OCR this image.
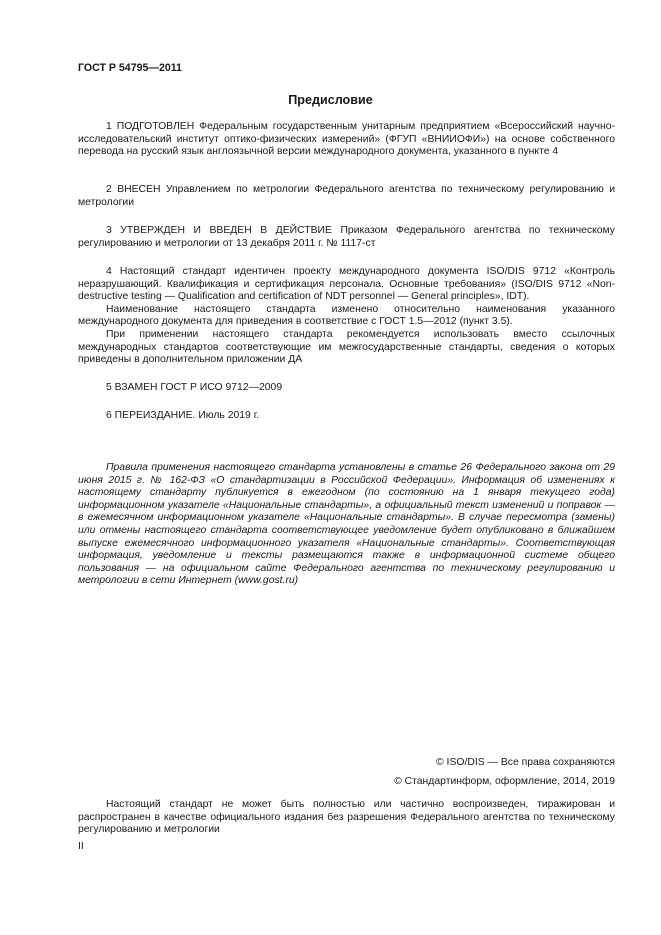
ГОСТ Р 54795—2011
Предисловие

1 ПОДГОТОВЛЕН Федеральным государственным унитарным предприятием «Всероссийский научно-исследовательский институт оптико-физических измерений» (ФГУП «ВНИИОФИ») на основе собственного перевода на русский язык англоязычной версии международного документа, указанного в пункте 4

2 ВНЕСЕН Управлением по метрологии Федерального агентства по техническому регулированию и метрологии

3 УТВЕРЖДЕН И ВВЕДЕН В ДЕЙСТВИЕ Приказом Федерального агентства по техническому регулированию и метрологии от 13 декабря 2011 г. № 1117-ст

4 Настоящий стандарт идентичен проекту международного документа ISO/DIS 9712 «Контроль неразрушающий. Квалификация и сертификация персонала. Основные требования» (ISO/DIS 9712 «Non-destructive testing — Qualification and certification of NDT personnel — General principles», IDT).

Наименование настоящего стандарта изменено относительно наименования указанного международного документа для приведения в соответствие с ГОСТ 1.5—2012 (пункт 3.5).

При применении настоящего стандарта рекомендуется использовать вместо ссылочных международных стандартов соответствующие им межгосударственные стандарты, сведения о которых приведены в дополнительном приложении ДА

5 ВЗАМЕН ГОСТ Р ИСО 9712—2009

6 ПЕРЕИЗДАНИЕ. Июль 2019 г.

Правила применения настоящего стандарта установлены в статье 26 Федерального закона от 29 июня 2015 г. № 162-ФЗ «О стандартизации в Российской Федерации». Информация об изменениях к настоящему стандарту публикуется в ежегодном (по состоянию на 1 января текущего года) информационном указателе «Национальные стандарты», а официальный текст изменений и поправок — в ежемесячном информационном указателе «Национальные стандарты». В случае пересмотра (замены) или отмены настоящего стандарта соответствующее уведомление будет опубликовано в ближайшем выпуске ежемесячного информационного указателя «Национальные стандарты». Соответствующая информация, уведомление и тексты размещаются также в информационной системе общего пользования — на официальном сайте Федерального агентства по техническому регулированию и метрологии в сети Интернет (www.gost.ru)

© ISO/DIS — Все права сохраняются
© Стандартинформ, оформление, 2014, 2019

Настоящий стандарт не может быть полностью или частично воспроизведен, тиражирован и распространен в качестве официального издания без разрешения Федерального агентства по техническому регулированию и метрологии

II
